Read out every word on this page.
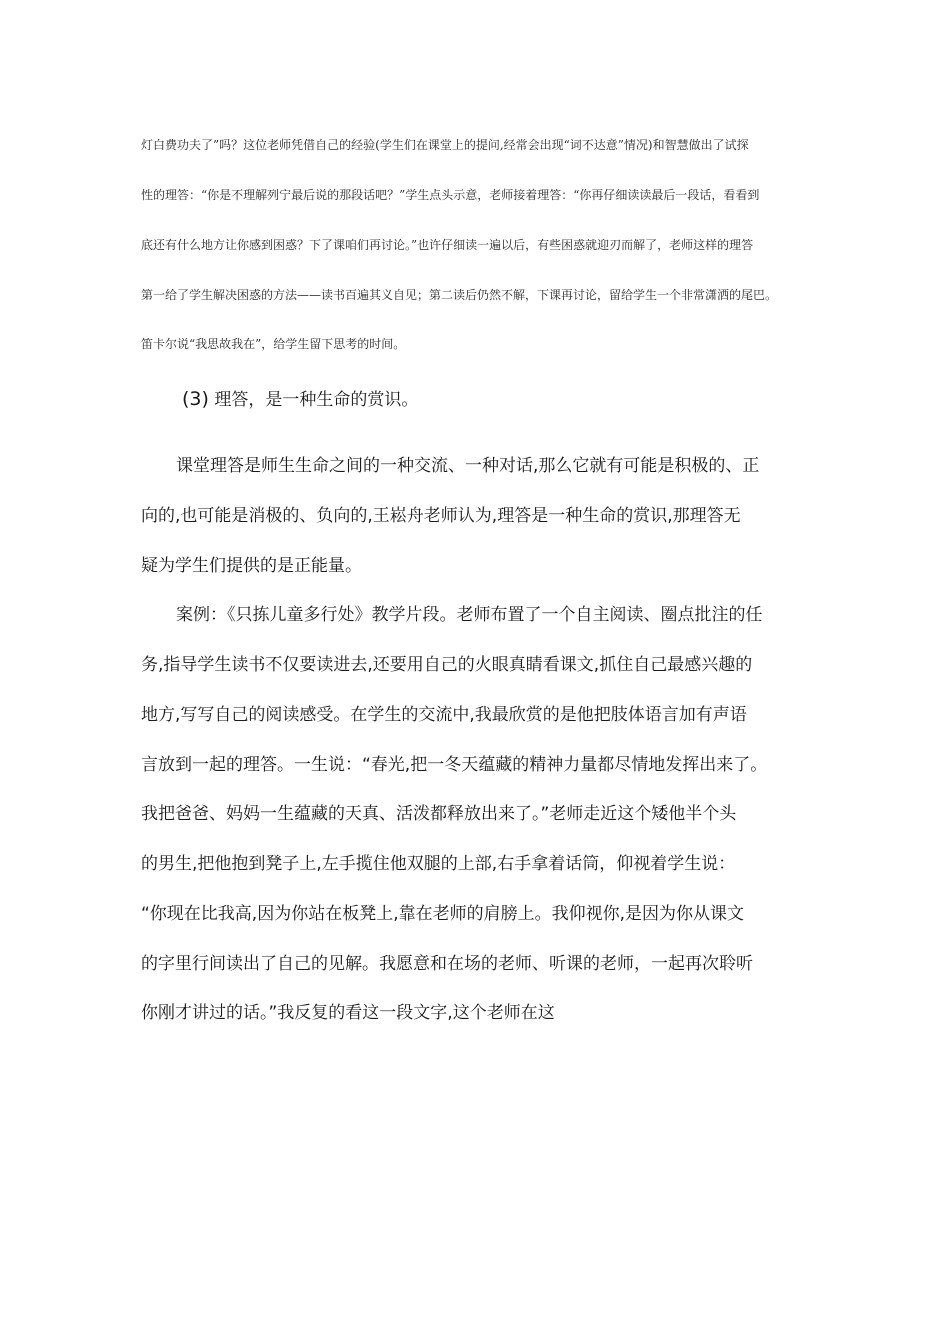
灯白费功夫了”吗？这位老师凭借自己的经验(学生们在课堂上的提问,经常会出现“词不达意”情况)和智慧做出了试探

性的理答：“你是不理解列宁最后说的那段话吧？”学生点头示意，老师接着理答：“你再仔细读读最后一段话，看看到

底还有什么地方让你感到困惑？下了课咱们再讨论。”也许仔细读一遍以后，有些困惑就迎刃而解了，老师这样的理答

第一给了学生解决困惑的方法——读书百遍其义自见；第二读后仍然不解，下课再讨论，留给学生一个非常潇洒的尾巴。

笛卡尔说“我思故我在”，给学生留下思考的时间。

(3) 理答，是一种生命的赏识。

课堂理答是师生生命之间的一种交流、一种对话,那么它就有可能是积极的、正

向的,也可能是消极的、负向的,王崧舟老师认为,理答是一种生命的赏识,那理答无

疑为学生们提供的是正能量。

案例：《只拣儿童多行处》教学片段。老师布置了一个自主阅读、圈点批注的任

务,指导学生读书不仅要读进去,还要用自己的火眼真睛看课文,抓住自己最感兴趣的

地方,写写自己的阅读感受。在学生的交流中,我最欣赏的是他把肢体语言加有声语

言放到一起的理答。一生说：“春光,把一冬天蕴藏的精神力量都尽情地发挥出来了。

我把爸爸、妈妈一生蕴藏的天真、活泼都释放出来了。”老师走近这个矮他半个头

的男生,把他抱到凳子上,左手揽住他双腿的上部,右手拿着话筒，仰视着学生说：

“你现在比我高,因为你站在板凳上,靠在老师的肩膀上。我仰视你,是因为你从课文

的字里行间读出了自己的见解。我愿意和在场的老师、听课的老师，一起再次聆听

你刚才讲过的话。”我反复的看这一段文字,这个老师在这
